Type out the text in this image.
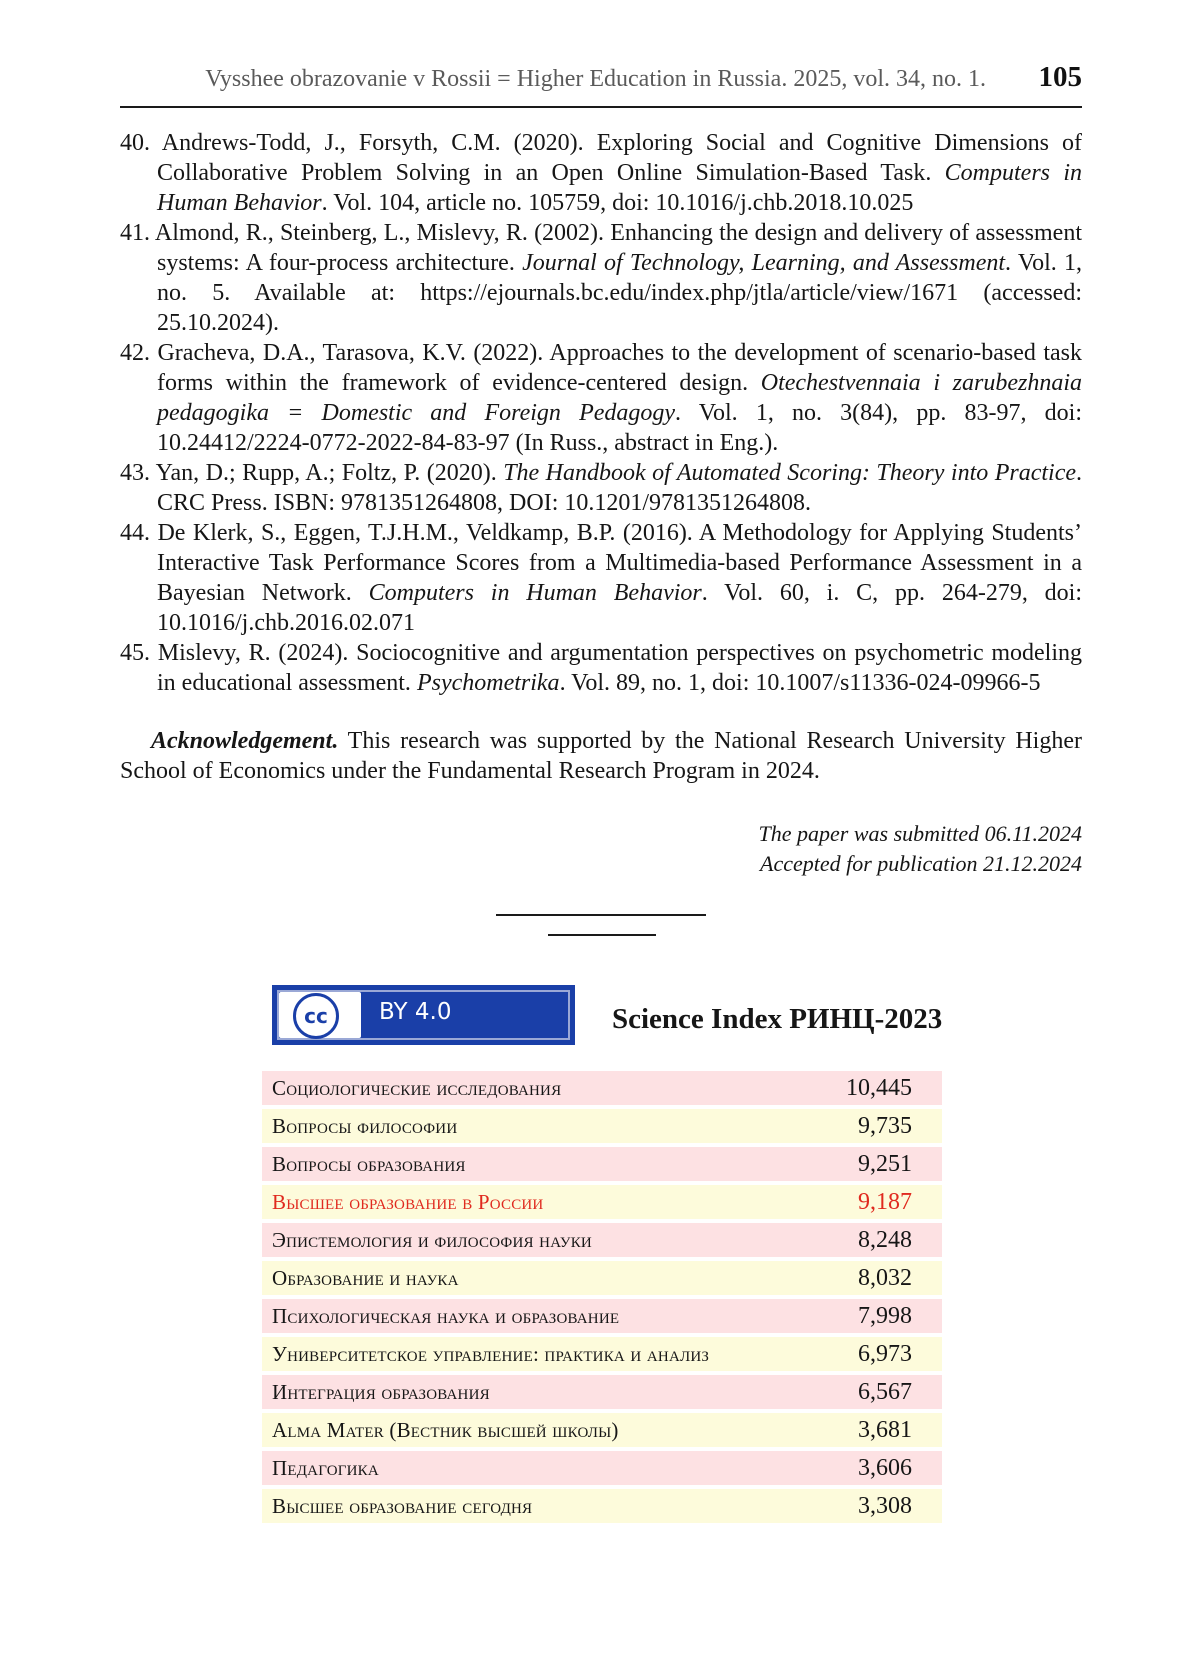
Vysshee obrazovanie v Rossii = Higher Education in Russia. 2025, vol. 34, no. 1. 105
40. Andrews-Todd, J., Forsyth, C.M. (2020). Exploring Social and Cognitive Dimensions of Collaborative Problem Solving in an Open Online Simulation-Based Task. Computers in Human Behavior. Vol. 104, article no. 105759, doi: 10.1016/j.chb.2018.10.025
41. Almond, R., Steinberg, L., Mislevy, R. (2002). Enhancing the design and delivery of assessment systems: A four-process architecture. Journal of Technology, Learning, and Assessment. Vol. 1, no. 5. Available at: https://ejournals.bc.edu/index.php/jtla/article/view/1671 (accessed: 25.10.2024).
42. Gracheva, D.A., Tarasova, K.V. (2022). Approaches to the development of scenario-based task forms within the framework of evidence-centered design. Otechestvennaia i zarubezhnaia pedagogika = Domestic and Foreign Pedagogy. Vol. 1, no. 3(84), pp. 83-97, doi: 10.24412/2224-0772-2022-84-83-97 (In Russ., abstract in Eng.).
43. Yan, D.; Rupp, A.; Foltz, P. (2020). The Handbook of Automated Scoring: Theory into Practice. CRC Press. ISBN: 9781351264808, DOI: 10.1201/9781351264808.
44. De Klerk, S., Eggen, T.J.H.M., Veldkamp, B.P. (2016). A Methodology for Applying Students’ Interactive Task Performance Scores from a Multimedia-based Performance Assessment in a Bayesian Network. Computers in Human Behavior. Vol. 60, i. C, pp. 264-279, doi: 10.1016/j.chb.2016.02.071
45. Mislevy, R. (2024). Sociocognitive and argumentation perspectives on psychometric modeling in educational assessment. Psychometrika. Vol. 89, no. 1, doi: 10.1007/s11336-024-09966-5

Acknowledgement. This research was supported by the National Research University Higher School of Economics under the Fundamental Research Program in 2024.

The paper was submitted 06.11.2024
Accepted for publication 21.12.2024
cc	BY 4.0	Science Index РИНЦ-2023
Социологические исследования	10,445
Вопросы философии	9,735
Вопросы образования	9,251
Высшее образование в России	9,187
Эпистемология и философия науки	8,248
Образование и наука	8,032
Психологическая наука и образование	7,998
Университетское управление: практика и анализ	6,973
Интеграция образования	6,567
Alma Mater (Вестник высшей школы)	3,681
Педагогика	3,606
Высшее образование сегодня	3,308
